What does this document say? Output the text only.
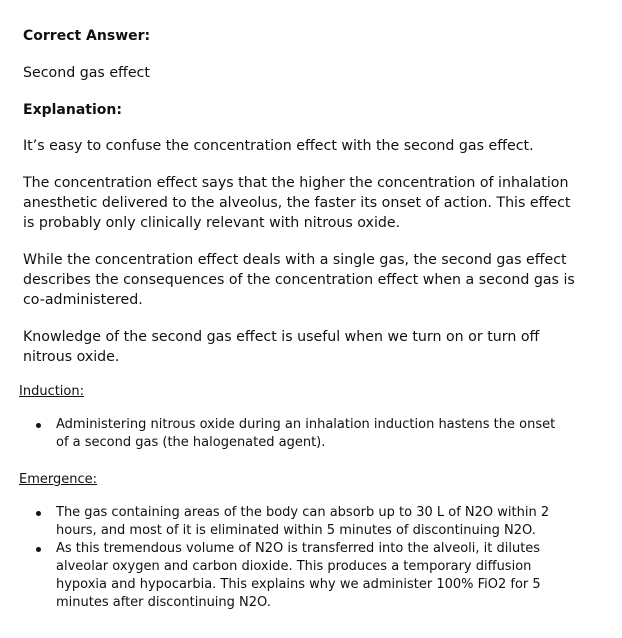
Correct Answer:

Second gas effect

Explanation:

It’s easy to confuse the concentration effect with the second gas effect.

The concentration effect says that the higher the concentration of inhalation anesthetic delivered to the alveolus, the faster its onset of action. This effect is probably only clinically relevant with nitrous oxide.

While the concentration effect deals with a single gas, the second gas effect describes the consequences of the concentration effect when a second gas is co-administered.

Knowledge of the second gas effect is useful when we turn on or turn off nitrous oxide.

Induction:

Administering nitrous oxide during an inhalation induction hastens the onset of a second gas (the halogenated agent).

Emergence:

The gas containing areas of the body can absorb up to 30 L of N2O within 2 hours, and most of it is eliminated within 5 minutes of discontinuing N2O.
As this tremendous volume of N2O is transferred into the alveoli, it dilutes alveolar oxygen and carbon dioxide. This produces a temporary diffusion hypoxia and hypocarbia. This explains why we administer 100% FiO2 for 5 minutes after discontinuing N2O.
